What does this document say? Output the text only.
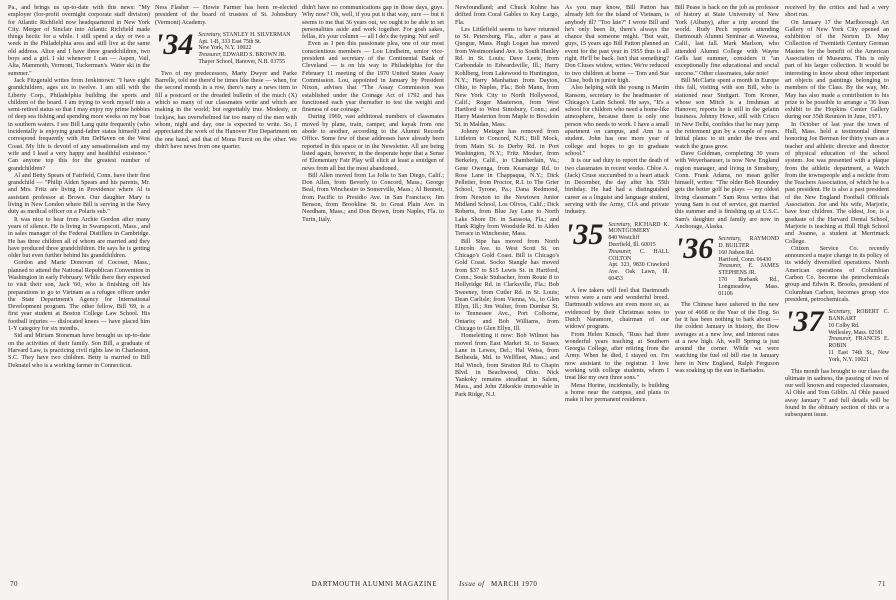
Pa., and brings us up-to-date with this news: "My employer (for-profit overnight corporate staff division) for Atlantic Richfield now headquartered in New York City. Merger of Sinclair into Atlantic Richfield made things hectic for a while. I still spend a day or two a week in the Philadelphia area and still live at the same old address. Alice and I have three grandchildren, two boys and a girl. I ski whenever I can — Aspen, Vail, Alta, Mammoth, Vermont, Tuckerman's. Water ski in the summer."

Jack Fitzgerald writes from Jenkintown: "I have eight grandchildren, ages six to twelve. I am still with the Liberty Corp., Philadelphia building the sports and children of the board. I am trying to work myself into a semi-retired status so that I may enjoy my prime hobbies of deep sea fishing and spending more weeks on my boat in southern waters. I see Bill Lang quite frequently (who incidentally is enjoying grand-father status himself) and correspond frequently with Jim DeHaven on the West Coast. My life is devoid of any sensationalism and my wife and I lead a very happy and healthful existence." Can anyone top this for the greatest number of grandchildren?

Al and Betty Spears of Fairfield, Conn. have their first grandchild — "Philip Alden Spears and his parents, Mr. and Mrs. Fritz are living in Providence where Al is assistant professor at Brown. Our daughter Mary is living in New London where Bill is serving in the Navy duty as medical officer on a Polaris sub."

It was nice to hear from Archie Gordon after many years of silence. He is living in Swampscott, Mass., and in sales manager of the Federal Distillers in Cambridge. He has three children all of whom are married and they have produced three grandchildren. He says he is getting older but even further behind his grandchildren.

Gordon and Marie Donovan of Cocoset, Mass., planned to attend the National Republican Convention in Washington in early February. While there they expected to visit their son, Jack '60, who is finishing off his preparations to go to Vietnam as a refugee officer under the State Department's Agency for International Development program. The other fellow, Bill '69, is a first year student at Boston College Law School. His football injuries — dislocated knees — have placed him 1-Y category for six months.

Sid and Miriam Stoneman have brought us up-to-date on the activities of their family. Son Bill, a graduate of Harvard Law, is practicing civil rights law in Charleston, S.C. They have two children. Betty is married to Bill Deknatel who is a working farmer in Connecticut.

Ness Flasher — Howie Farmer has been re-elected president of the board of trustees of St. Johnsbury (Vermont) Academy.

'34 Secretary, STANLEY H. SILVERMAN
Apt. 1-B, 333 East 75th St.
New York, N.Y. 10022
Treasurer, EDWARD S. BROWN JR.
Thayer School, Hanover, N.H. 03755

Two of my predecessors, Marty Dwyer and Parke Barrelle, told me there'd be times like these — when, for the second month in a row, there's nary a news item to fill a postcard or the dreaded bulletin of the much (X) which so many of our classmates write and which are making in the world; but regrettably true. Modesty, or lockjaw, has overwhelmed far too many of the men with whom, night and day, one is expected to write. So, I appreciated the work of the Hanover Fire Department on the one hand, and that of Mona Furcit on the other. We didn't have news from one quarter.

didn't have no communications gap in those days, guys. Why now? Oh, well, if you put it that way, sure — but it seems to me that 36 years out, we ought to be able to set personalities aside and work together. For gosh sakes, fellas, it's your column — all I do's the typing. Nuf sed!

Even as I pen this passionate plea, one of our most conscientious members — Lou Lindheim, senior vice-president and secretary of the Continental Bank of Cleveland — is on his way to Philadelphia for the February 11 meeting of the 1970 United States Assay Commission. Lou, appointed in January by President Nixon, advises that "The Assay Commission was established under the Coinage Act of 1792 and has functioned each year thereafter to test the weight and fineness of our coinage."

During 1969, vast additional numbers of classmates moved by plane, train, camper, and kayak from one abode to another, according to the Alumni Records Office. Some few of these addresses have already been reported in this space or in the Newsletter. All are being listed again, however, in the desperate hope that a Sense of Elementary Fair Play will elicit at least a smidgen of news from all but the most abandoned.

Bill Allen moved from La Jolla to San Diego, Calif.; Don Allen, from Beverly to Concord, Mass.; George Beal, from Winchester to Somerville, Mass.; Al Bennett, from Pacific to Presidio Ave. in San Francisco; Jim Benson, from Brookline St. to Great Plain Ave. in Needham, Mass.; and Don Brown, from Naples, Fla. to Turin, Italy.

70	DARTMOUTH ALUMNI MAGAZINE

Newfoundland; and Chuck Kohne has drifted from Coral Gables to Key Largo, Fla.

Les Littlefield seems to have returned to St. Petersburg, Fla., after a pass at Quogue, Mass. Hugh Logan has moved from Westmoreland Ave. to South Hanley Rd. in St. Louis; Dave Leete, from Carbondale to Edwardsville, Ill.; Harry Kohlberg, from Lakewood to Huntington, N.Y.; Harry Manhattan from Dayton, Ohio, to Naples, Fla.; Bob Mann, from New York City to North Hollywood, Calif.; Roger Masterson, from West Hartford to West Simsbury, Conn.; and Harry Masterton from Maple to Bowdoin St. in Maldan, Mass.

Johnny Metzger has removed from Littleton to Concord, N.H.; Bill Mock, from Main St. to Derby Rd. in Port Washington, N.Y.; Fritz Mosher, from Berkeley, Calif., to Chamberlain, Va.; Gene Owenga, from Kearsarge Rd. to Rose Lane in Chappaqua, N.Y.; Dick Pelletier, from Proctor, R.I. to The Grier School, Tyrone, Pa.; Dana Redmond, from Newton to the Newtown Junior Midland School, Los Olivos, Calif.; Dick Roberts, from Blue Jay Lane to North Lake Shore Dr. in Sarasota, Fla.; and Hank Rigby from Woodside Rd. to Alden Terrace in Winchester, Mass.

Bill Sipe has moved from North Lincoln Ave. to West Scott St. on Chicago's Gold Coast. Bill is Chicago's Gold Coast. Socko Stangle has moved from $37 to $15 Lewis St. in Hartford, Conn.; Soule Stubacher, from Route 8 to Hollyridge Rd. in Clarksville, Fla.; Bob Sweeney, from Cutler Rd. in St. Louis; Dean Carlisle; from Vienna, Va., to Glen Ellyn, Ill.; Jim Walter, from Dumbar St. to Tennessee Ave., Port Colborne, Ontario; and Bob Williams, from Chicago to Glen Ellyn, Ill.

Homeletting it now: Bob Wilmot has moved from East Market St. to Sussex Lane in Lewes, Del.; Hal Weiss, from Bethesda, Md. to Wellfleet, Mass.; and Hal Winch, from Stratton Rd. to Chapin Blvd. in Beachwood, Ohio. Nick Yankoky remains steadfast in Salem, Mass., and John Zitkeskie immovable in Park Ridge, N.J.

As you may know, Bill Patton has already left for the island of Vietnam, is anybody ill? "Too late?" I wrote Bill and he's only been lit, there's always the chance that someone might. "But wait, guys, 15 years ago Bill Patton planned an event for the past year in 1955 thus is all right. He'll be back. Isn't that something? Don Cluses widow, writes: We're reduced to two children at home — Tom and Sue Cluse, both in junior high.

Also helping with the young is Martin Ransom, secretary to the headmaster of Chicago's Latin School. He says, "It's a school for children who need a home-like atmosphere, because there is only one person who needs to work. I have a small apartment on campus, and Ann is a student. John has one more year of college and hopes to go to graduate school."

It is our sad duty to report the death of two classmates in recent weeks. Chloe A. (Jack) Cruse succumbed to a heart attack in December, the day after his 55th birthday. He had had a distinguished career as a linguist and language student, serving with the Army, CIA and private industry.

'35 Secretary, RICHARD K. MONTGOMERY
840 Westcliff
Deerfield, Ill. 60015
Treasurer, C. HALL COLTON
Apt. 323, 9830 Crawford Ave. Oak Lawn, Ill. 60453

A few takers will feel that Dartmouth wives were a rare and wonderful breed. Dartmouth widows are even more so, as evidenced by their Christmas notes to Dutch Naramore, chairman of our widows' program.

From Helen Kinsch, "Russ had three wonderful years teaching at Southern Georgia College, after retiring from the Army. When he died, I stayed on. I'm now assistant to the registrar. I love working with college students, whom I treat like my own three sons."

Mena Horine, incidentally, is building a home near the campus, and plans to make it her permanent residence.

Bill Pease is back on the job as professor of history at State University of New York (Albany), after a trip around the world. Rudy Pech reports attending Dartmouth Alumni Seminar at Wawosa, Calif., last fall. Mark Marlson, who attended Alumni College with Wayne Gells last summer, considers it "an exceptionally fine educational and social success." Other classmates, take note!

Bill McClarie spent a month in Europe this fall, visiting with son Bill, who is stationed near Stuttgart. Tom Kroner, whose son Mitch is a freshman at Hanover, reports he is still in the gelatin business. Johnny Howe, still with Crisco in New Delhi, confides that he may jump the retirement gun by a couple of years. Initial plans: to sit under the trees and watch the grass grow.

Dave Goldman, completing 30 years with Weyerhaeuser, is now New England region manager, and living in Simsbury, Conn. Frank Adams, no mean golfer himself, writes: "The older Bob Roundey gets the better golf he plays — my oldest living classmate." Sam Ross writes that young Sam is out of service, got married this summer and is finishing up at U.S.C. Sam's daughter and family are now in Anchorage, Alaska.

'36 Secretary, RAYMOND D. BUILTER
160 Judson Rd.
Hartford, Conn. 06430
Treasurer, E. JAMES STEPHENS JR.
170 Burbank Rd., Longmeadow, Mass. 01106

The Chinese have ushered in the new year of 4668 or the Year of the Dog. So far it has been nothing to bark about — the coldest January in history, the Dow averages at a new low, and interest rates at a new high. Ah, well! Spring is just around the corner. While we were watching the fuel oil bill rise in January here in New England, Ralph Ferguson was soaking up the sun in Barbados.

received by the critics and had a very short run.

On January 17 the Marlborough Art Gallery of New York City opened an exhibition of the Norton D. May Collection of Twentieth Century German Masters for the benefit of the American Association of Museums. This is only part of his larger collection. It would be interesting to know about other important art objects and paintings belonging to members of the Class. By the way, Mr. May has also made a contribution to his prize to be possible to arrange a '36 loan exhibit to the Hopkins Center Gallery during our 35th Reunion in June, 1971.

In October of last year the town of Hull, Mass. held a testimonial dinner honoring Joe Berman for thirty years as a teacher and athletic director and director of physical education of the school system. Joe was presented with a plaque from the athletic department, a Watch from the townspeople and a necktie from the Teachers Association, of which he is a past president. He is also a past president of the New England Football Officials Association. Joe and his wife, Marjorie, have four children. The oldest, Joe, is a graduate of the Harvard Dental School, Marjorie is teaching at Hull High School and Joanne, a student at Merrimack College.

Citizen Service Co. recently announced a major change in its policy of its widely diversified operations. North American operations of Columbian Carbon Co. become the petrochemicals group and Edwin R. Brooks, president of Columbian Carbon, becomes group vice president, petrochemicals.

'37 Secretary, ROBERT C. BANKART
10 Colby Rd.
Wellesley, Mass. 02181
Treasurer, FRANCIS E. ROBIN
11 East 74th St., New York, N.Y. 10021

This month has brought to our class the ultimate in sadness, the passing of two of our well known and respected classmates, Al Ohle and Tom Giblin. Al Ohle passed away January 7 and full details will be found in the obituary section of this or a subsequent issue.

Issue of MARCH 1970	71
